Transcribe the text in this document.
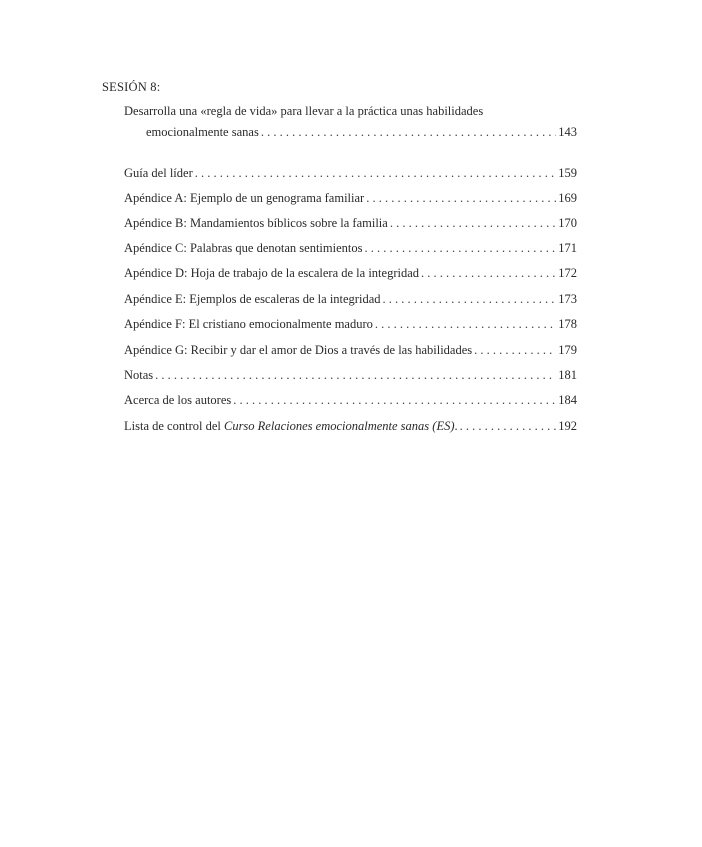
SESIÓN 8:
Desarrolla una «regla de vida» para llevar a la práctica unas habilidades
emocionalmente sanas . . .	143
Guía del líder . . .	159
Apéndice A: Ejemplo de un genograma familiar . . .	169
Apéndice B: Mandamientos bíblicos sobre la familia . . .	170
Apéndice C: Palabras que denotan sentimientos . . .	171
Apéndice D: Hoja de trabajo de la escalera de la integridad . . .	172
Apéndice E: Ejemplos de escaleras de la integridad . . .	173
Apéndice F: El cristiano emocionalmente maduro . . .	178
Apéndice G: Recibir y dar el amor de Dios a través de las habilidades . . .	179
Notas . . .	181
Acerca de los autores . . .	184
Lista de control del Curso Relaciones emocionalmente sanas (ES). . . .	192
